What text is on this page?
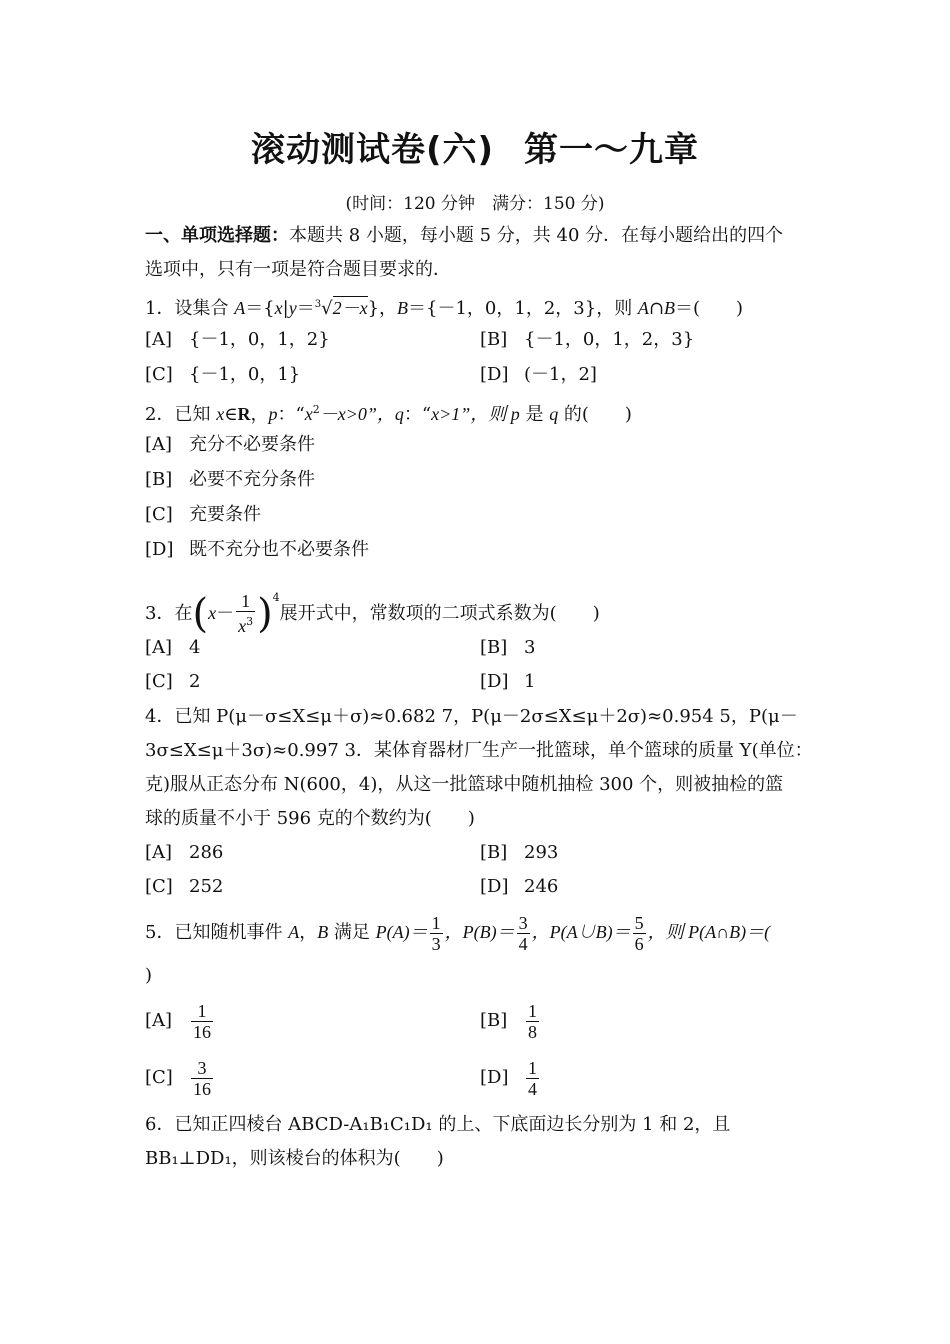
滚动测试卷(六) 第一～九章
(时间：120 分钟　满分：150 分)
一、单项选择题：本题共 8 小题，每小题 5 分，共 40 分．在每小题给出的四个
选项中，只有一项是符合题目要求的．
1．设集合 A＝{x|y＝$^3$√2－x}，B＝{－1，0，1，2，3}，则 A∩B＝(　　)
[A] {－1，0，1，2}	[B] {－1，0，1，2，3}
[C] {－1，0，1}	[D] (－1，2]
2．已知 x∈R，p：“$x^2-x>0$”，q：“x>1”，则 p 是 q 的(　　)
[A] 充分不必要条件
[B] 必要不充分条件
[C] 充要条件
[D] 既不充分也不必要条件
3．在$(x- \frac{1}{x^3} )^4$展开式中，常数项的二项式系数为(　　)
[A] 4	[B] 3
[C] 2	[D] 1
4．已知 P(μ－σ≤X≤μ＋σ)≈0.682 7，P(μ－2σ≤X≤μ＋2σ)≈0.954 5，P(μ－
3σ≤X≤μ＋3σ)≈0.997 3．某体育器材厂生产一批篮球，单个篮球的质量 Y(单位：
克)服从正态分布 N(600，4)，从这一批篮球中随机抽检 300 个，则被抽检的篮
球的质量不小于 596 克的个数约为(　　)
[A] 286	[B] 293
[C] 252	[D] 246
5．已知随机事件 A，B 满足 $P(A)= \frac{1}{3}$ ，$P(B)= \frac{3}{4}$ ，P(A∪B)＝ $\frac{5}{6}$ ，则 P(A∩B)＝(
)
$[A] \frac{1}{16}$	$[B] \frac{1}{8}$
$[C] \frac{3}{16}$	$[D] \frac{1}{4}$
6．已知正四棱台 ABCD-A₁B₁C₁D₁ 的上、下底面边长分别为 1 和 2，且
BB₁⊥DD₁，则该棱台的体积为(　　)
